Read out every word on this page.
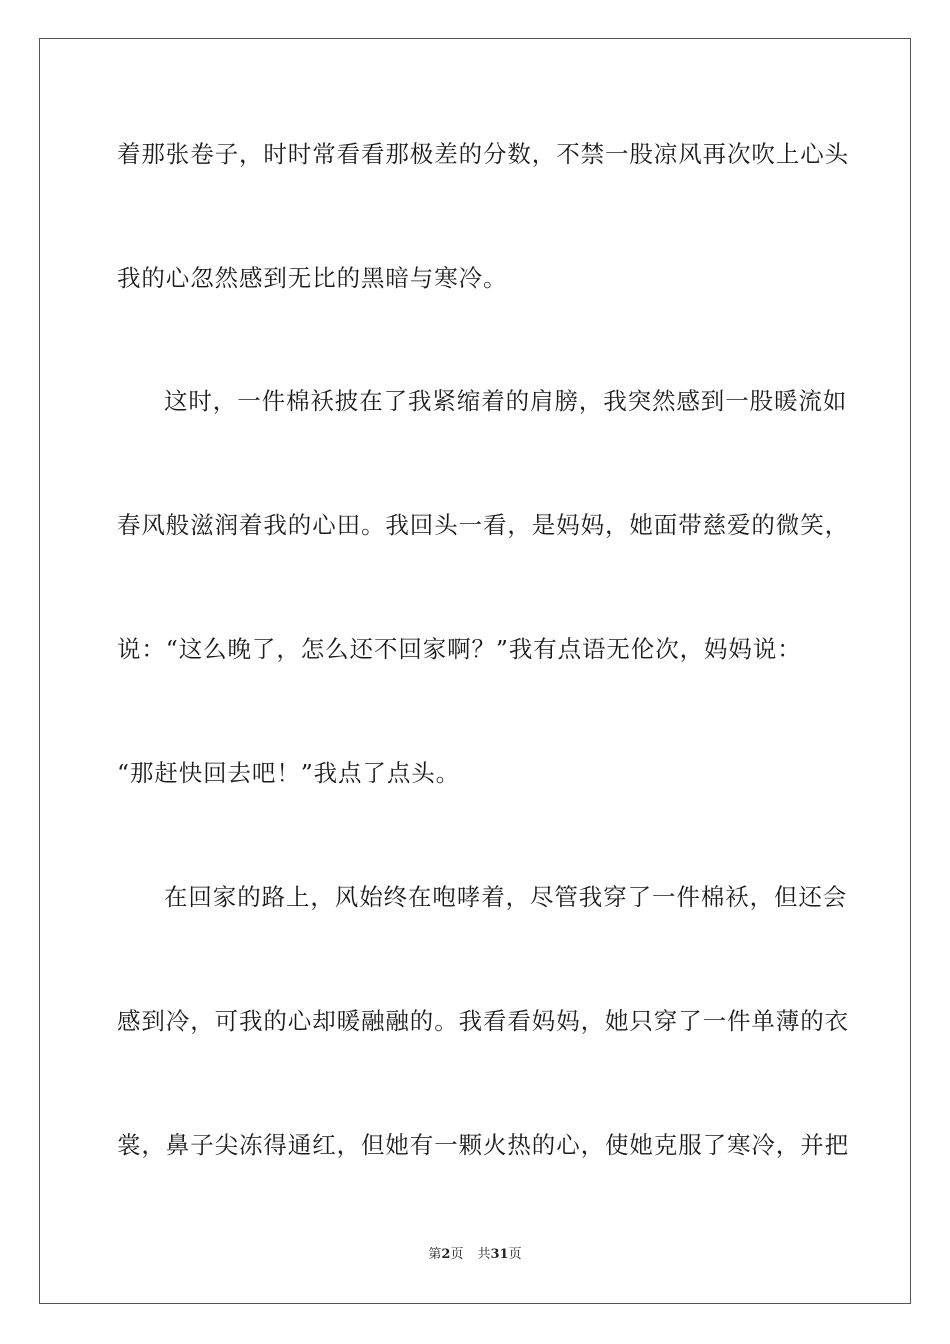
着那张卷子，时时常看看那极差的分数，不禁一股凉风再次吹上心头
我的心忽然感到无比的黑暗与寒冷。
这时，一件棉袄披在了我紧缩着的肩膀，我突然感到一股暖流如
春风般滋润着我的心田。我回头一看，是妈妈，她面带慈爱的微笑，
说：“这么晚了，怎么还不回家啊？”我有点语无伦次，妈妈说：
“那赶快回去吧！”我点了点头。
在回家的路上，风始终在咆哮着，尽管我穿了一件棉袄，但还会
感到冷，可我的心却暖融融的。我看看妈妈，她只穿了一件单薄的衣
裳，鼻子尖冻得通红，但她有一颗火热的心，使她克服了寒冷，并把
第2页 共31页
